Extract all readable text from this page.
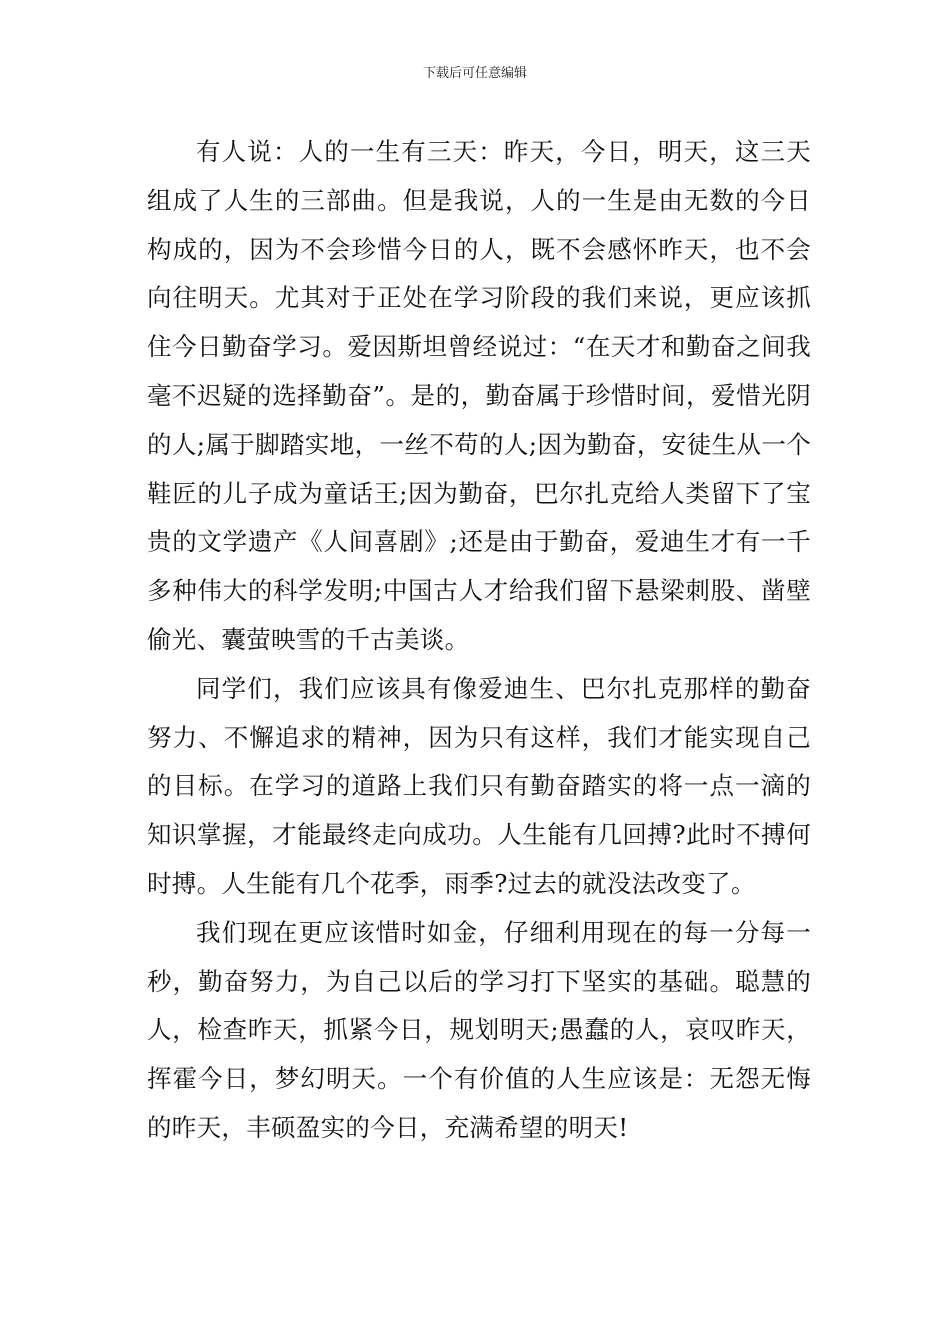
下载后可任意编辑

有人说：人的一生有三天：昨天，今日，明天，这三天组成了人生的三部曲。但是我说，人的一生是由无数的今日构成的，因为不会珍惜今日的人，既不会感怀昨天，也不会向往明天。尤其对于正处在学习阶段的我们来说，更应该抓住今日勤奋学习。爱因斯坦曾经说过：“在天才和勤奋之间我毫不迟疑的选择勤奋”。是的，勤奋属于珍惜时间，爱惜光阴的人;属于脚踏实地，一丝不苟的人;因为勤奋，安徒生从一个鞋匠的儿子成为童话王;因为勤奋，巴尔扎克给人类留下了宝贵的文学遗产《人间喜剧》;还是由于勤奋，爱迪生才有一千多种伟大的科学发明;中国古人才给我们留下悬梁刺股、凿壁偷光、囊萤映雪的千古美谈。

同学们，我们应该具有像爱迪生、巴尔扎克那样的勤奋努力、不懈追求的精神，因为只有这样，我们才能实现自己的目标。在学习的道路上我们只有勤奋踏实的将一点一滴的知识掌握，才能最终走向成功。人生能有几回搏?此时不搏何时搏。人生能有几个花季，雨季?过去的就没法改变了。

我们现在更应该惜时如金，仔细利用现在的每一分每一秒，勤奋努力，为自己以后的学习打下坚实的基础。聪慧的人，检查昨天，抓紧今日，规划明天;愚蠢的人，哀叹昨天，挥霍今日，梦幻明天。一个有价值的人生应该是：无怨无悔的昨天，丰硕盈实的今日，充满希望的明天!
